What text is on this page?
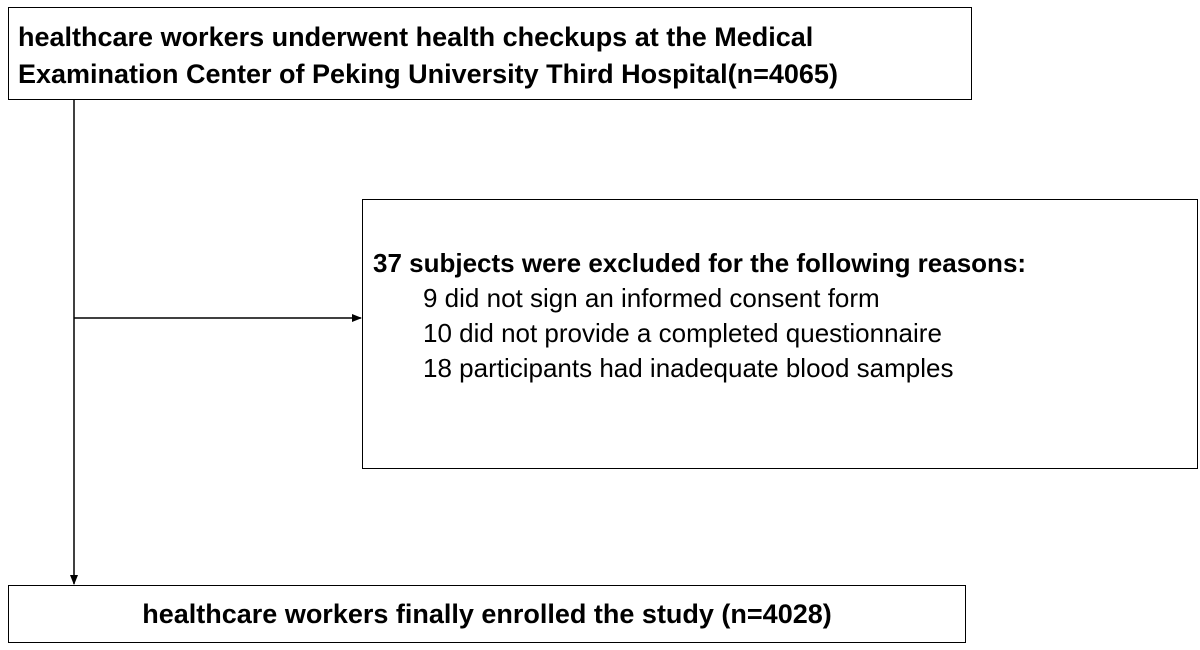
healthcare workers underwent health checkups at the Medical
Examination Center of Peking University Third Hospital(n=4065)
37 subjects were excluded for the following reasons:
9 did not sign an informed consent form
10 did not provide a completed questionnaire
18 participants had inadequate blood samples
healthcare workers finally enrolled the study (n=4028)
